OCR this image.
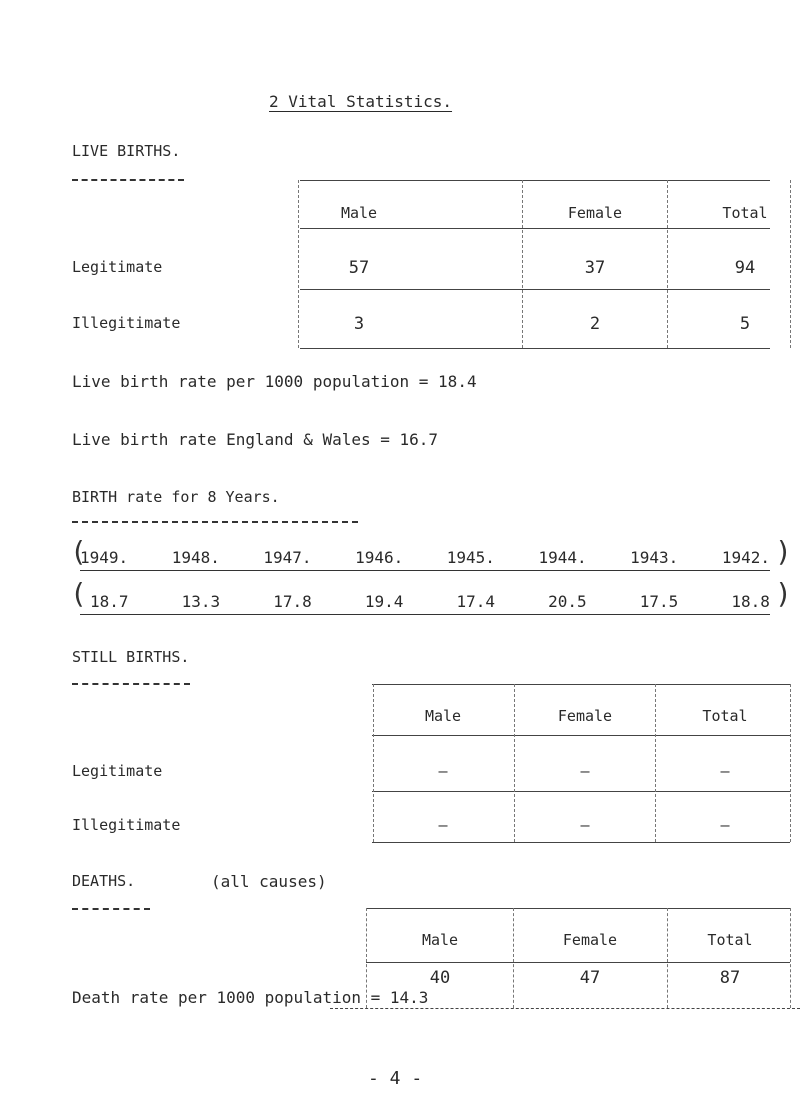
2 Vital Statistics.
LIVE BIRTHS.
Male	Female	Total
Legitimate	57	37	94
Illegitimate	3	2	5
Live birth rate per 1000 population = 18.4
Live birth rate England & Wales = 16.7
BIRTH rate for 8 Years.
(
(
)
)
1949.	1948.	1947.	1946.	1945.	1944.	1943.	1942.
18.7	13.3	17.8	19.4	17.4	20.5	17.5	18.8
STILL BIRTHS.
Male	Female	Total
Legitimate	–	–	–
Illegitimate	–	–	–
DEATHS.	(all causes)
Male	Female	Total
40	47	87
Death rate per 1000 population = 14.3
- 4 -
